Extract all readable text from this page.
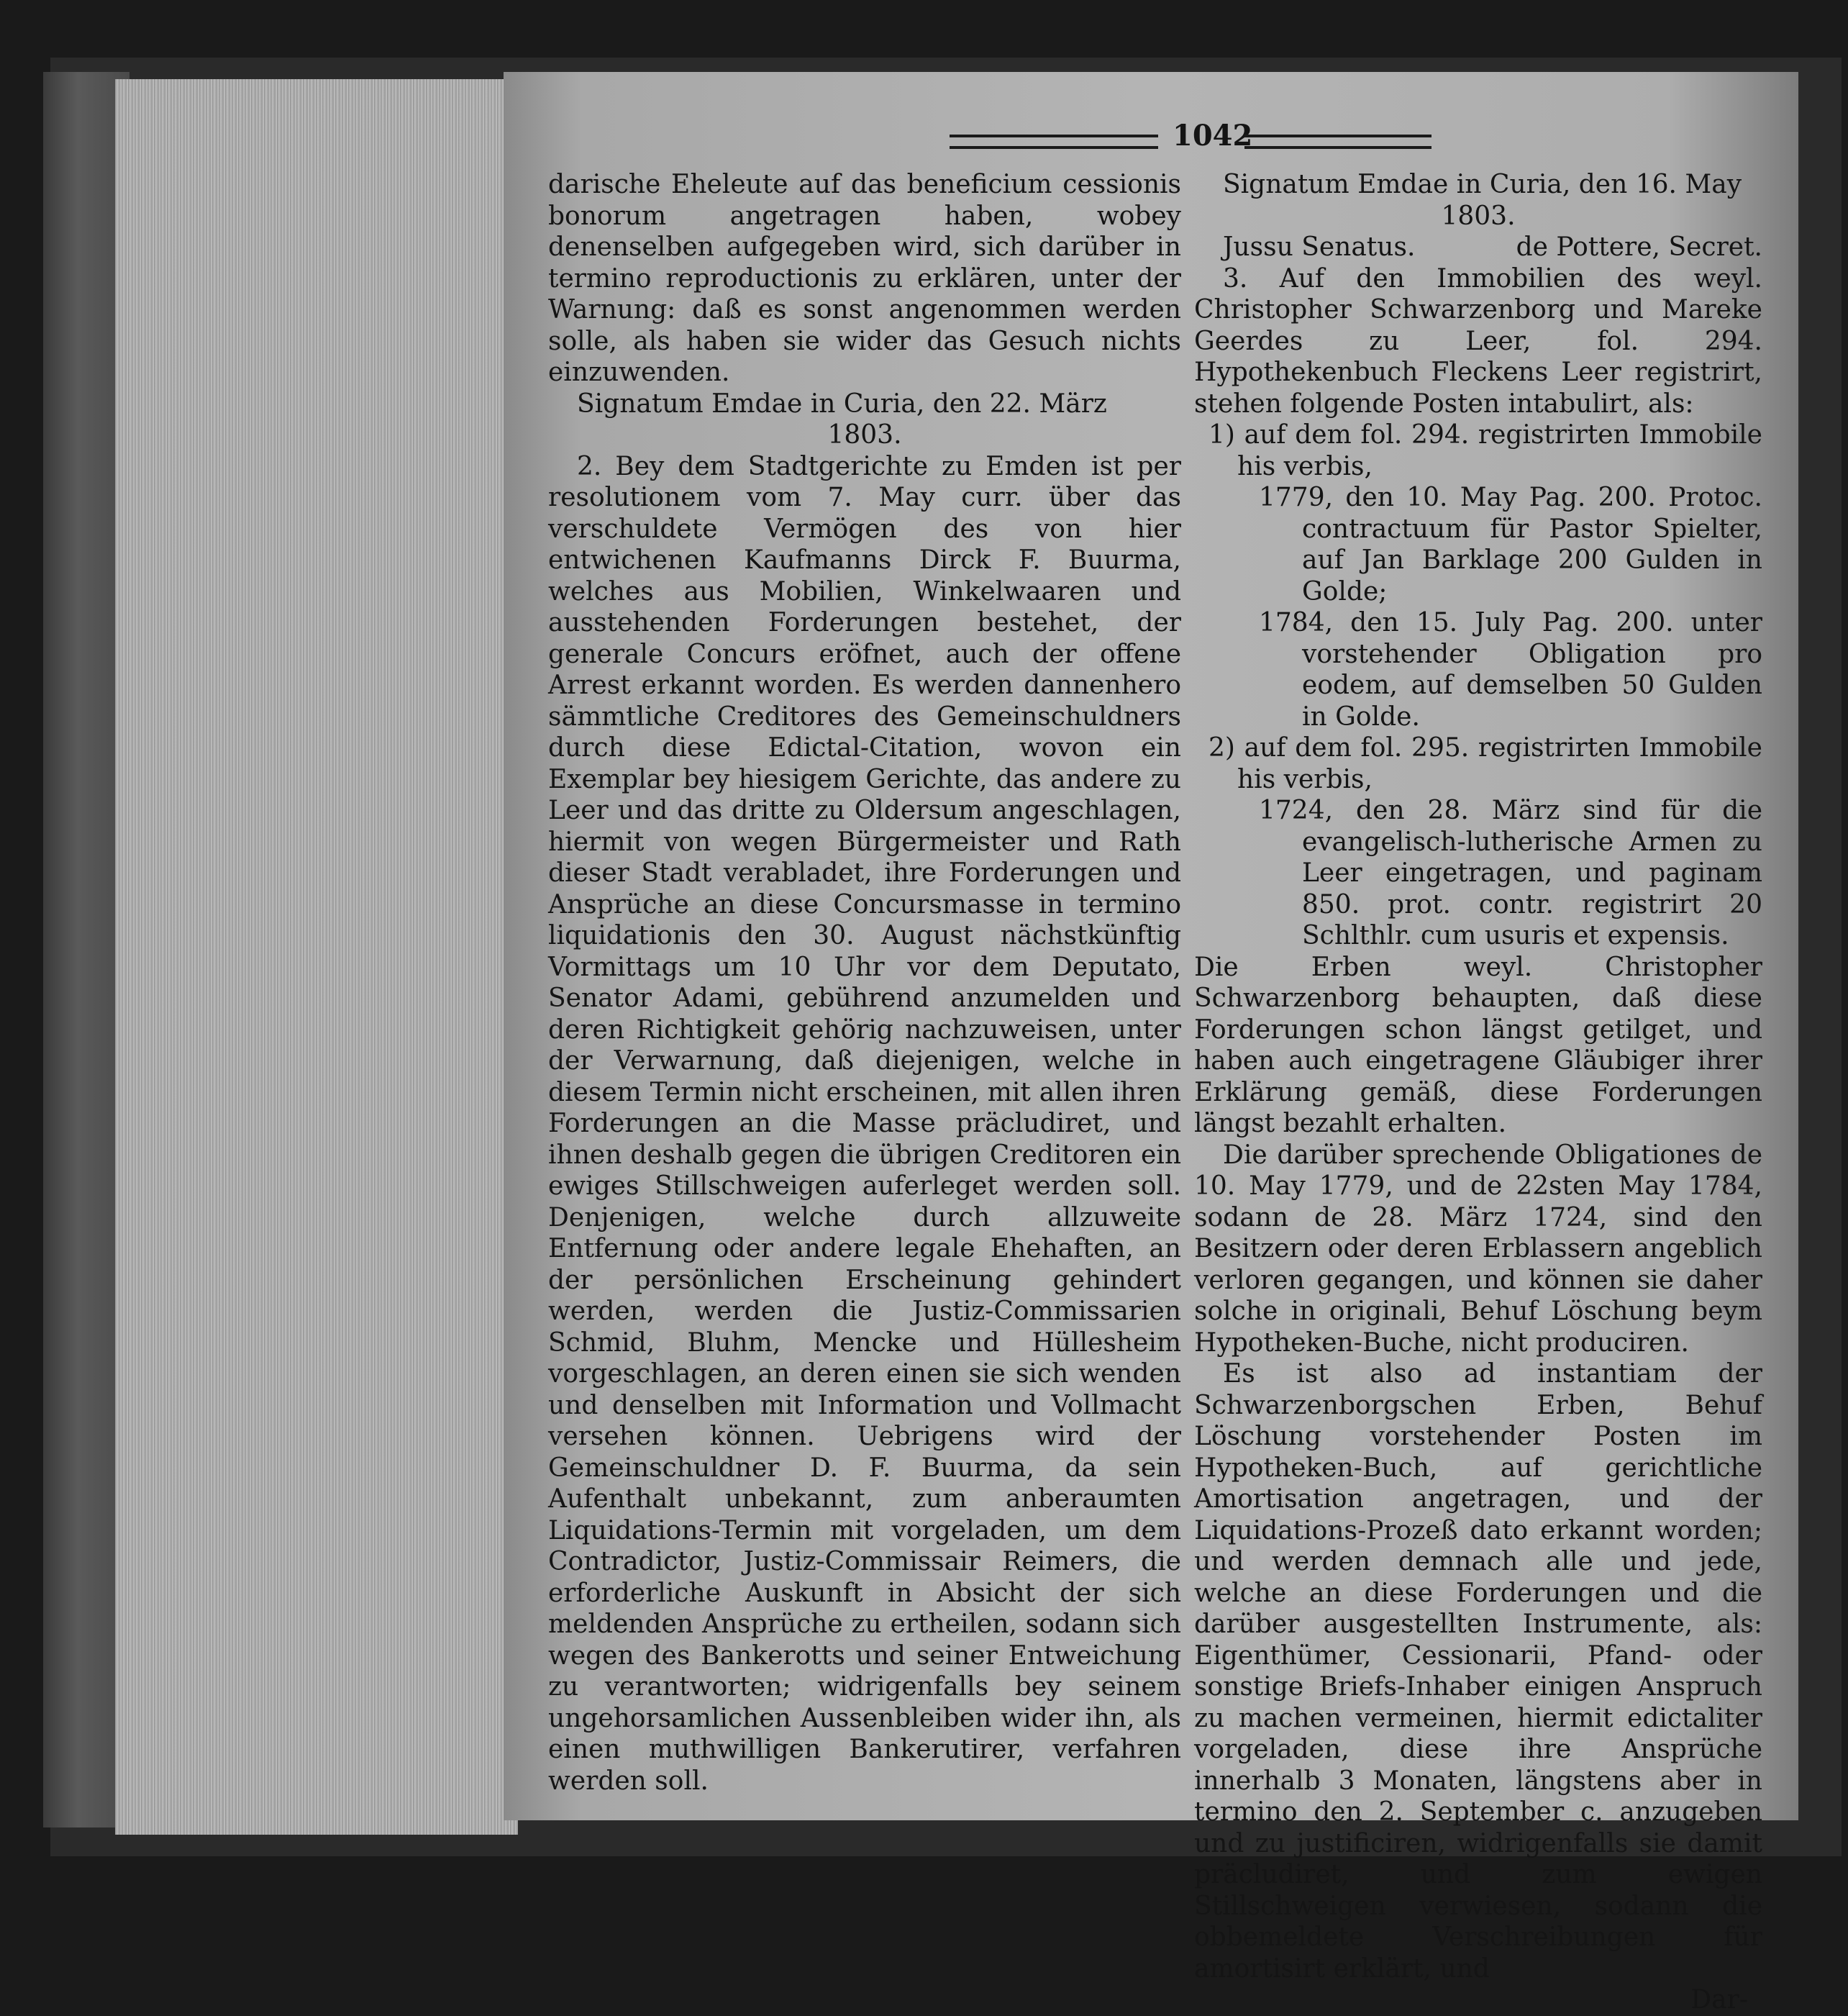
1042

darische Eheleute auf das beneficium cessionis bonorum angetragen haben, wobey denenselben aufgegeben wird, sich darüber in termino reproductionis zu erklären, unter der Warnung: daß es sonst angenommen werden solle, als haben sie wider das Gesuch nichts einzuwenden.

Signatum Emdae in Curia, den 22. März

1803.

2. Bey dem Stadtgerichte zu Emden ist per resolutionem vom 7. May curr. über das verschuldete Vermögen des von hier entwichenen Kaufmanns Dirck F. Buurma, welches aus Mobilien, Winkelwaaren und ausstehenden Forderungen bestehet, der generale Concurs eröfnet, auch der offene Arrest erkannt worden. Es werden dannenhero sämmtliche Creditores des Gemeinschuldners durch diese Edictal-Citation, wovon ein Exemplar bey hiesigem Gerichte, das andere zu Leer und das dritte zu Oldersum angeschlagen, hiermit von wegen Bürgermeister und Rath dieser Stadt verabladet, ihre Forderungen und Ansprüche an diese Concursmasse in termino liquidationis den 30. August nächstkünftig Vormittags um 10 Uhr vor dem Deputato, Senator Adami, gebührend anzumelden und deren Richtigkeit gehörig nachzuweisen, unter der Verwarnung, daß diejenigen, welche in diesem Termin nicht erscheinen, mit allen ihren Forderungen an die Masse präcludiret, und ihnen deshalb gegen die übrigen Creditoren ein ewiges Stillschweigen auferleget werden soll. Denjenigen, welche durch allzuweite Entfernung oder andere legale Ehehaften, an der persönlichen Erscheinung gehindert werden, werden die Justiz-Commissarien Schmid, Bluhm, Mencke und Hüllesheim vorgeschlagen, an deren einen sie sich wenden und denselben mit Information und Vollmacht versehen können. Uebrigens wird der Gemeinschuldner D. F. Buurma, da sein Aufenthalt unbekannt, zum anberaumten Liquidations-Termin mit vorgeladen, um dem Contradictor, Justiz-Commissair Reimers, die erforderliche Auskunft in Absicht der sich meldenden Ansprüche zu ertheilen, sodann sich wegen des Bankerotts und seiner Entweichung zu verantworten; widrigenfalls bey seinem ungehorsamlichen Aussenbleiben wider ihn, als einen muthwilligen Bankerutirer, verfahren werden soll.

Signatum Emdae in Curia, den 16. May

1803.

Jussu Senatus.	de Pottere, Secret.

3. Auf den Immobilien des weyl. Christopher Schwarzenborg und Mareke Geerdes zu Leer, fol. 294. Hypothekenbuch Fleckens Leer registrirt, stehen folgende Posten intabulirt, als:

1) auf dem fol. 294. registrirten Immobile his verbis,

1779, den 10. May Pag. 200. Protoc. contractuum für Pastor Spielter, auf Jan Barklage 200 Gulden in Golde;

1784, den 15. July Pag. 200. unter vorstehender Obligation pro eodem, auf demselben 50 Gulden in Golde.

2) auf dem fol. 295. registrirten Immobile his verbis,

1724, den 28. März sind für die evangelisch-lutherische Armen zu Leer eingetragen, und paginam 850. prot. contr. registrirt 20 Schlthlr. cum usuris et expensis.

Die Erben weyl. Christopher Schwarzenborg behaupten, daß diese Forderungen schon längst getilget, und haben auch eingetragene Gläubiger ihrer Erklärung gemäß, diese Forderungen längst bezahlt erhalten.

Die darüber sprechende Obligationes de 10. May 1779, und de 22sten May 1784, sodann de 28. März 1724, sind den Besitzern oder deren Erblassern angeblich verloren gegangen, und können sie daher solche in originali, Behuf Löschung beym Hypotheken-Buche, nicht produciren.

Es ist also ad instantiam der Schwarzenborgschen Erben, Behuf Löschung vorstehender Posten im Hypotheken-Buch, auf gerichtliche Amortisation angetragen, und der Liquidations-Prozeß dato erkannt worden; und werden demnach alle und jede, welche an diese Forderungen und die darüber ausgestellten Instrumente, als: Eigenthümer, Cessionarii, Pfand- oder sonstige Briefs-Inhaber einigen Anspruch zu machen vermeinen, hiermit edictaliter vorgeladen, diese ihre Ansprüche innerhalb 3 Monaten, längstens aber in termino den 2. September c. anzugeben und zu justificiren, widrigenfalls sie damit präcludiret, und zum ewigen Stillschweigen verwiesen, sodann die obbemeldete Verschreibungen für amortisirt erklärt, und

Dar-
